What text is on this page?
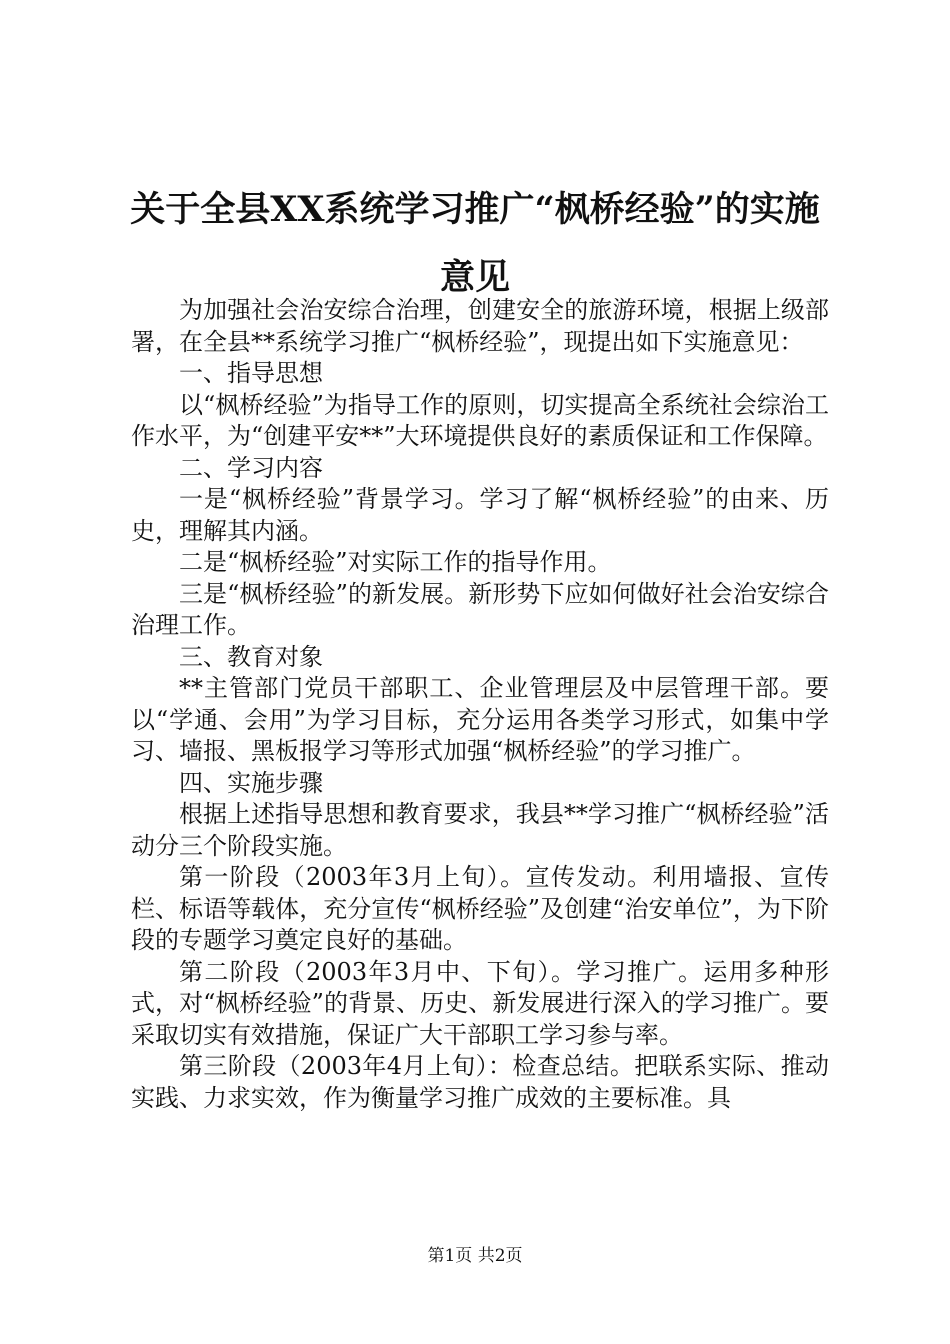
关于全县XX系统学习推广“枫桥经验”的实施意见

为加强社会治安综合治理，创建安全的旅游环境，根据上级部署，在全县**系统学习推广“枫桥经验”，现提出如下实施意见：

一、指导思想

以“枫桥经验”为指导工作的原则，切实提高全系统社会综治工作水平，为“创建平安**”大环境提供良好的素质保证和工作保障。

二、学习内容

一是“枫桥经验”背景学习。学习了解“枫桥经验”的由来、历史，理解其内涵。

二是“枫桥经验”对实际工作的指导作用。

三是“枫桥经验”的新发展。新形势下应如何做好社会治安综合治理工作。

三、教育对象

**主管部门党员干部职工、企业管理层及中层管理干部。要以“学通、会用”为学习目标，充分运用各类学习形式，如集中学习、墙报、黑板报学习等形式加强“枫桥经验”的学习推广。

四、实施步骤

根据上述指导思想和教育要求，我县**学习推广“枫桥经验”活动分三个阶段实施。

第一阶段（2003年3月上旬）。宣传发动。利用墙报、宣传栏、标语等载体，充分宣传“枫桥经验”及创建“治安单位”，为下阶段的专题学习奠定良好的基础。

第二阶段（2003年3月中、下旬）。学习推广。运用多种形式，对“枫桥经验”的背景、历史、新发展进行深入的学习推广。要采取切实有效措施，保证广大干部职工学习参与率。

第三阶段（2003年4月上旬）：检查总结。把联系实际、推动实践、力求实效，作为衡量学习推广成效的主要标准。具

第1页 共2页
